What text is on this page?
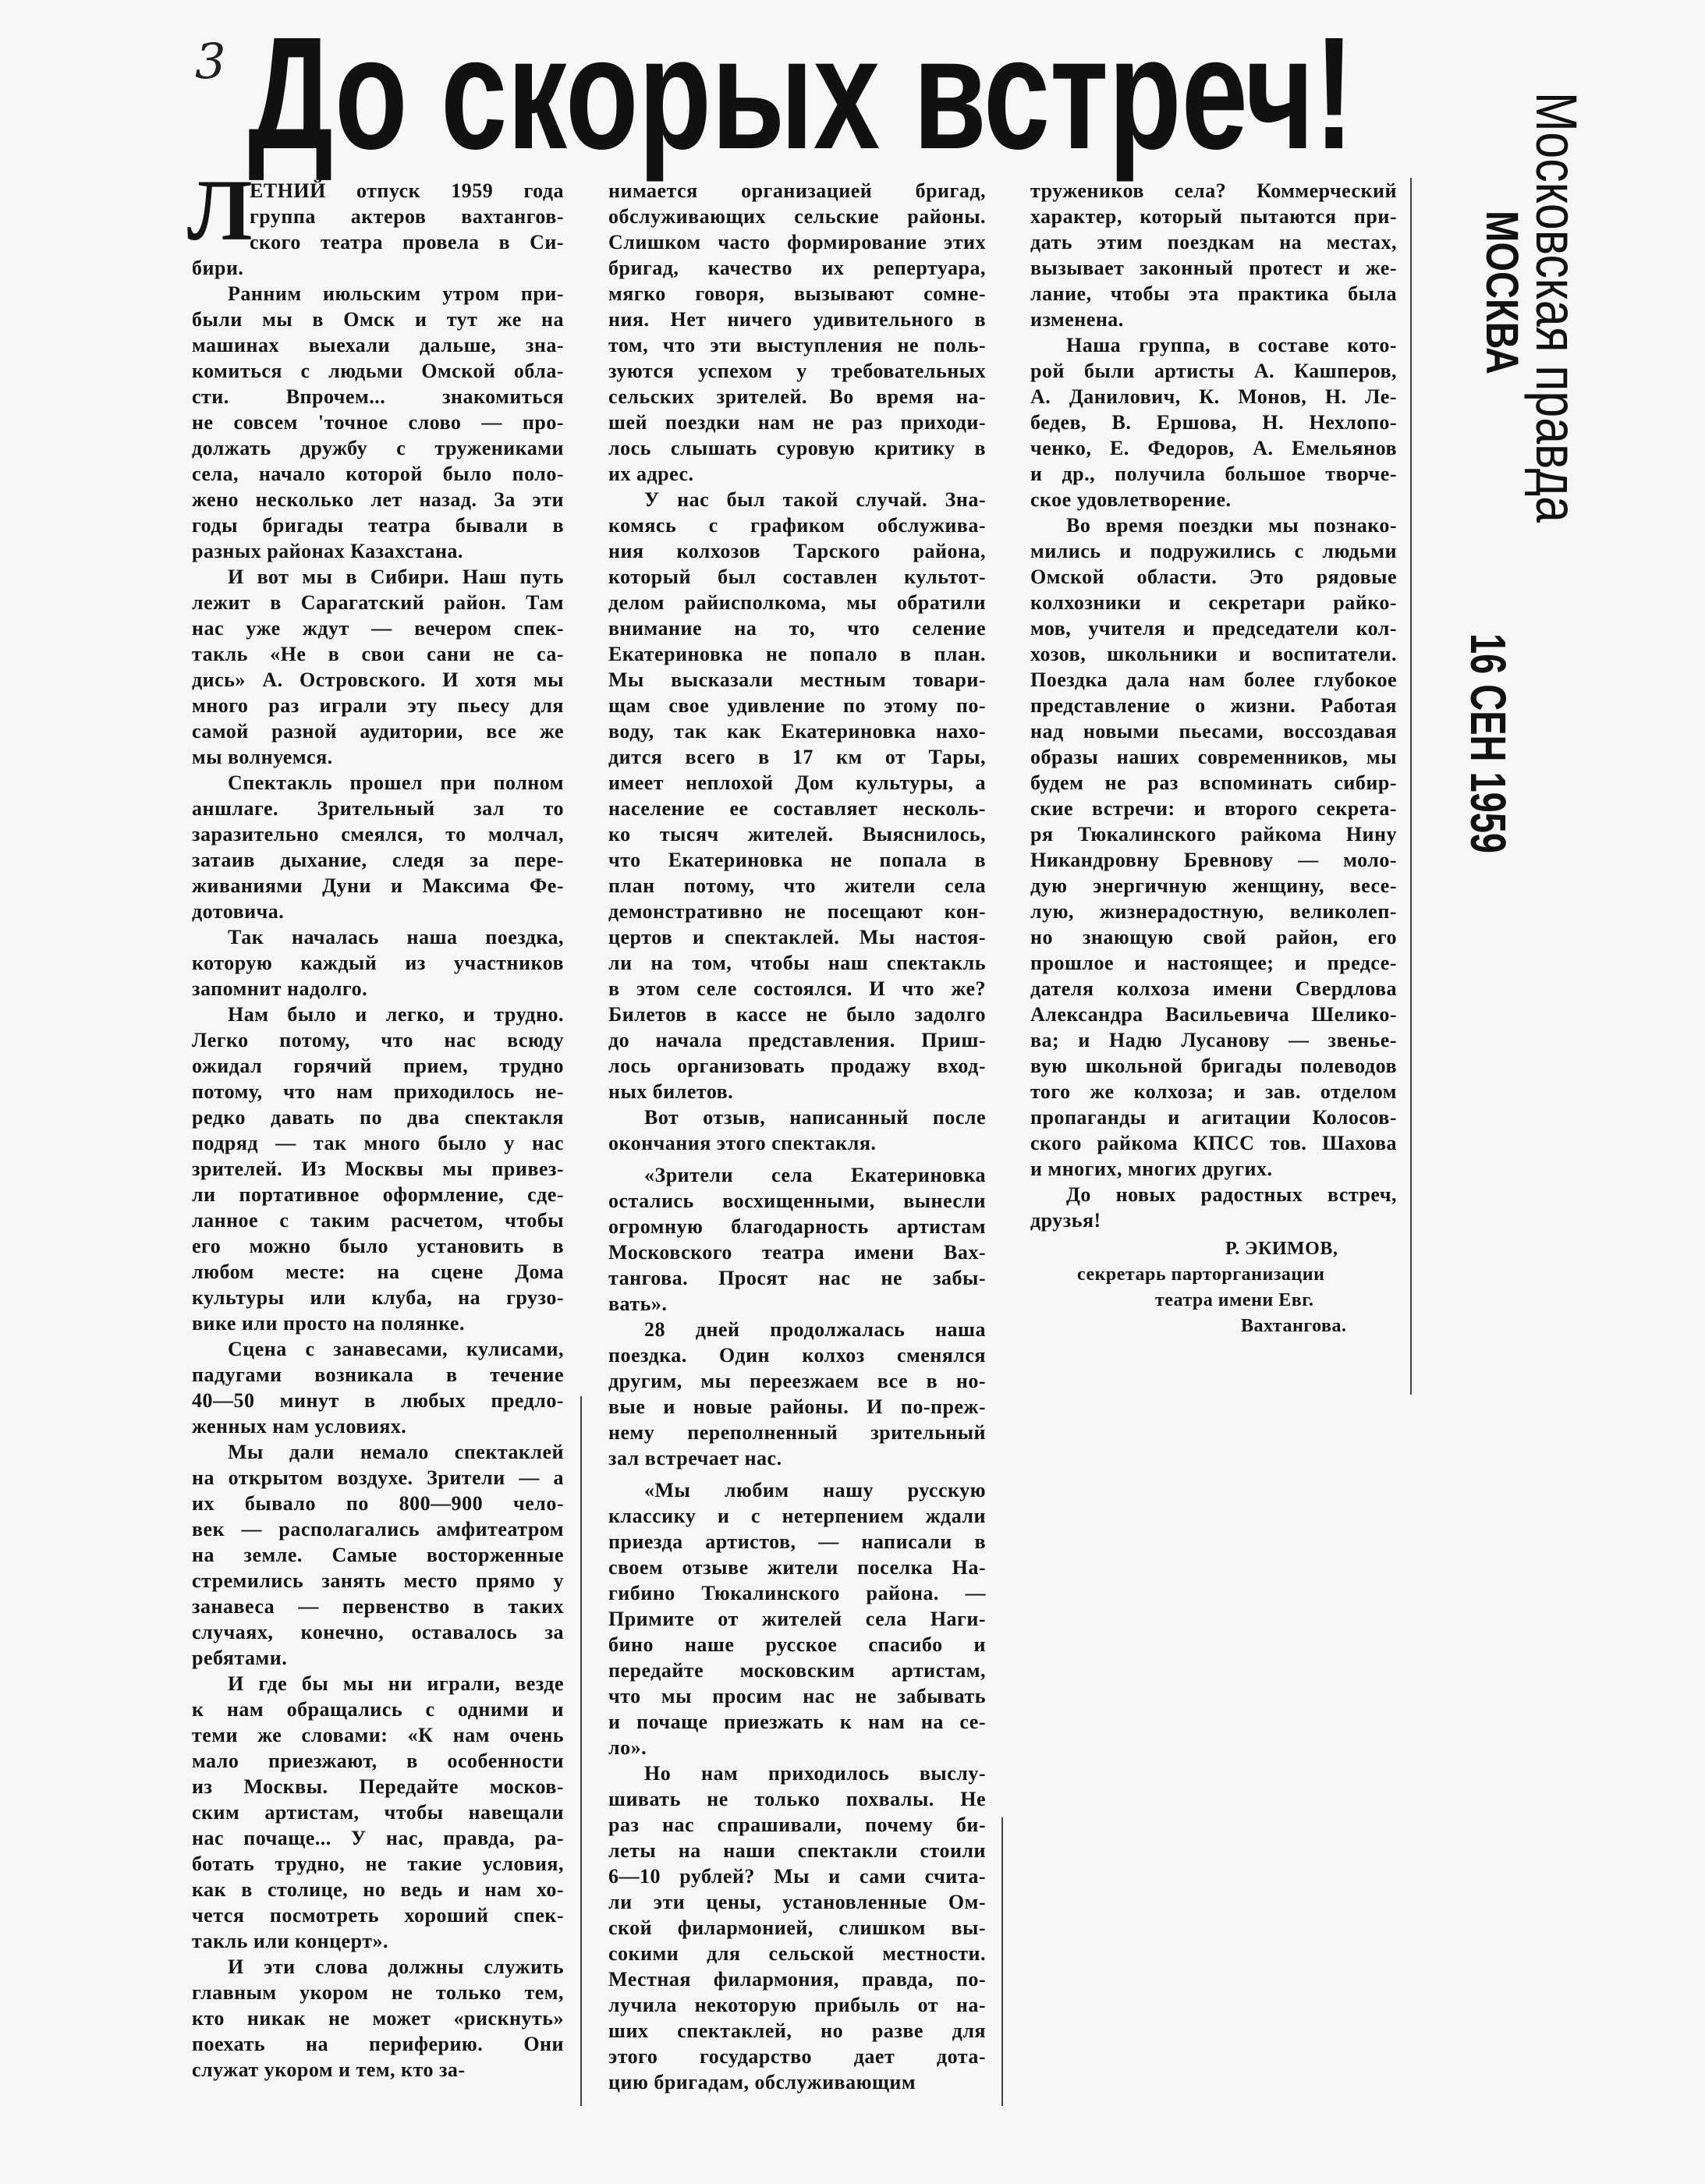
3 До скорых встреч!	Московская правда
МОСКВА
16 СЕН 1959
Л
ЕТНИЙ отпуск 1959 года
группа актеров вахтангов-
ского театра провела в Си-
бири.
Ранним июльским утром при-
были мы в Омск и тут же на
машинах выехали дальше, зна-
комиться с людьми Омской обла-
сти. Впрочем... знакомиться
не совсем 'точное слово — про-
должать дружбу с тружениками
села, начало которой было поло-
жено несколько лет назад. За эти
годы бригады театра бывали в
разных районах Казахстана.
И вот мы в Сибири. Наш путь
лежит в Сарагатский район. Там
нас уже ждут — вечером спек-
такль «Не в свои сани не са-
дись» А. Островского. И хотя мы
много раз играли эту пьесу для
самой разной аудитории, все же
мы волнуемся.
Спектакль прошел при полном
аншлаге. Зрительный зал то
заразительно смеялся, то молчал,
затаив дыхание, следя за пере-
живаниями Дуни и Максима Фе-
дотовича.
Так началась наша поездка,
которую каждый из участников
запомнит надолго.
Нам было и легко, и трудно.
Легко потому, что нас всюду
ожидал горячий прием, трудно
потому, что нам приходилось не-
редко давать по два спектакля
подряд — так много было у нас
зрителей. Из Москвы мы привез-
ли портативное оформление, сде-
ланное с таким расчетом, чтобы
его можно было установить в
любом месте: на сцене Дома
культуры или клуба, на грузо-
вике или просто на полянке.
Сцена с занавесами, кулисами,
падугами возникала в течение
40—50 минут в любых предло-
женных нам условиях.
Мы дали немало спектаклей
на открытом воздухе. Зрители — а
их бывало по 800—900 чело-
век — располагались амфитеатром
на земле. Самые восторженные
стремились занять место прямо у
занавеса — первенство в таких
случаях, конечно, оставалось за
ребятами.
И где бы мы ни играли, везде
к нам обращались с одними и
теми же словами: «К нам очень
мало приезжают, в особенности
из Москвы. Передайте москов-
ским артистам, чтобы навещали
нас почаще... У нас, правда, ра-
ботать трудно, не такие условия,
как в столице, но ведь и нам хо-
чется посмотреть хороший спек-
такль или концерт».
И эти слова должны служить
главным укором не только тем,
кто никак не может «рискнуть»
поехать на периферию. Они
служат укором и тем, кто за-
нимается организацией бригад,
обслуживающих сельские районы.
Слишком часто формирование этих
бригад, качество их репертуара,
мягко говоря, вызывают сомне-
ния. Нет ничего удивительного в
том, что эти выступления не поль-
зуются успехом у требовательных
сельских зрителей. Во время на-
шей поездки нам не раз приходи-
лось слышать суровую критику в
их адрес.
У нас был такой случай. Зна-
комясь с графиком обслужива-
ния колхозов Тарского района,
который был составлен культот-
делом райисполкома, мы обратили
внимание на то, что селение
Екатериновка не попало в план.
Мы высказали местным товари-
щам свое удивление по этому по-
воду, так как Екатериновка нахо-
дится всего в 17 км от Тары,
имеет неплохой Дом культуры, а
население ее составляет несколь-
ко тысяч жителей. Выяснилось,
что Екатериновка не попала в
план потому, что жители села
демонстративно не посещают кон-
цертов и спектаклей. Мы настоя-
ли на том, чтобы наш спектакль
в этом селе состоялся. И что же?
Билетов в кассе не было задолго
до начала представления. Приш-
лось организовать продажу вход-
ных билетов.
Вот отзыв, написанный после
окончания этого спектакля.
«Зрители села Екатериновка
остались восхищенными, вынесли
огромную благодарность артистам
Московского театра имени Вах-
тангова. Просят нас не забы-
вать».
28 дней продолжалась наша
поездка. Один колхоз сменялся
другим, мы переезжаем все в но-
вые и новые районы. И по-преж-
нему переполненный зрительный
зал встречает нас.
«Мы любим нашу русскую
классику и с нетерпением ждали
приезда артистов, — написали в
своем отзыве жители поселка На-
гибино Тюкалинского района. —
Примите от жителей села Наги-
бино наше русское спасибо и
передайте московским артистам,
что мы просим нас не забывать
и почаще приезжать к нам на се-
ло».
Но нам приходилось выслу-
шивать не только похвалы. Не
раз нас спрашивали, почему би-
леты на наши спектакли стоили
6—10 рублей? Мы и сами счита-
ли эти цены, установленные Ом-
ской филармонией, слишком вы-
сокими для сельской местности.
Местная филармония, правда, по-
лучила некоторую прибыль от на-
ших спектаклей, но разве для
этого государство дает дота-
цию бригадам, обслуживающим
тружеников села? Коммерческий
характер, который пытаются при-
дать этим поездкам на местах,
вызывает законный протест и же-
лание, чтобы эта практика была
изменена.
Наша группа, в составе кото-
рой были артисты А. Кашперов,
А. Данилович, К. Монов, Н. Ле-
бедев, В. Ершова, Н. Нехлопо-
ченко, Е. Федоров, А. Емельянов
и др., получила большое творче-
ское удовлетворение.
Во время поездки мы познако-
мились и подружились с людьми
Омской области. Это рядовые
колхозники и секретари райко-
мов, учителя и председатели кол-
хозов, школьники и воспитатели.
Поездка дала нам более глубокое
представление о жизни. Работая
над новыми пьесами, воссоздавая
образы наших современников, мы
будем не раз вспоминать сибир-
ские встречи: и второго секрета-
ря Тюкалинского райкома Нину
Никандровну Бревнову — моло-
дую энергичную женщину, весе-
лую, жизнерадостную, великолеп-
но знающую свой район, его
прошлое и настоящее; и предсе-
дателя колхоза имени Свердлова
Александра Васильевича Шелико-
ва; и Надю Лусанову — звенье-
вую школьной бригады полеводов
того же колхоза; и зав. отделом
пропаганды и агитации Колосов-
ского райкома КПСС тов. Шахова
и многих, многих других.
До новых радостных встреч,
друзья!
Р. ЭКИМОВ,
секретарь парторганизации
театра имени Евг.
Вахтангова.
